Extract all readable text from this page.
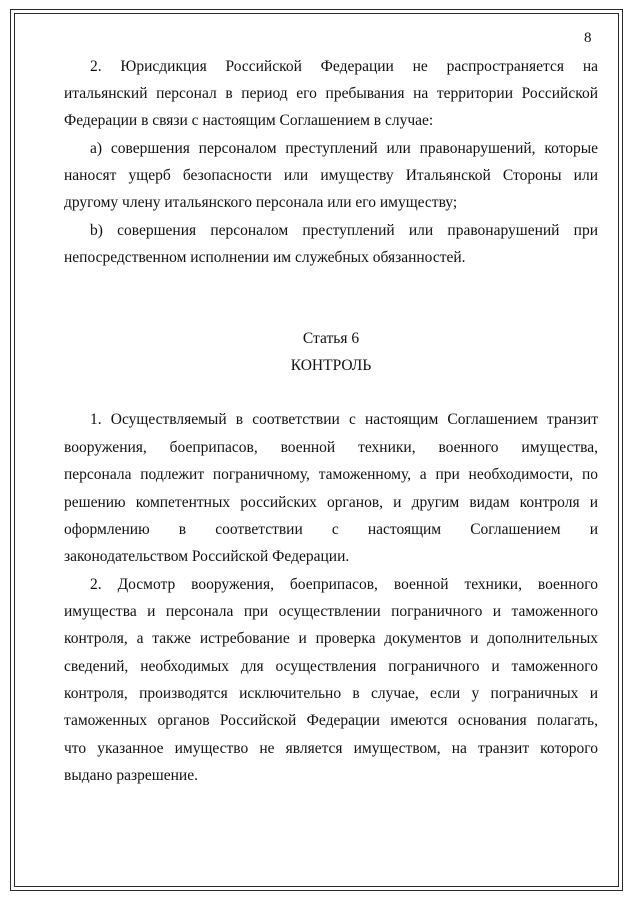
8
2. Юрисдикция Российской Федерации не распространяется на
итальянский персонал в период его пребывания на территории Российской
Федерации в связи с настоящим Соглашением в случае:
а) совершения персоналом преступлений или правонарушений, которые
наносят ущерб безопасности или имуществу Итальянской Стороны или
другому члену итальянского персонала или его имуществу;
b) совершения персоналом преступлений или правонарушений при
непосредственном исполнении им служебных обязанностей.
Статья 6
КОНТРОЛЬ
1. Осуществляемый в соответствии с настоящим Соглашением транзит
вооружения, боеприпасов, военной техники, военного имущества,
персонала подлежит пограничному, таможенному, а при необходимости, по
решению компетентных российских органов, и другим видам контроля и
оформлению в соответствии с настоящим Соглашением и
законодательством Российской Федерации.
2. Досмотр вооружения, боеприпасов, военной техники, военного
имущества и персонала при осуществлении пограничного и таможенного
контроля, а также истребование и проверка документов и дополнительных
сведений, необходимых для осуществления пограничного и таможенного
контроля, производятся исключительно в случае, если у пограничных и
таможенных органов Российской Федерации имеются основания полагать,
что указанное имущество не является имуществом, на транзит которого
выдано разрешение.
